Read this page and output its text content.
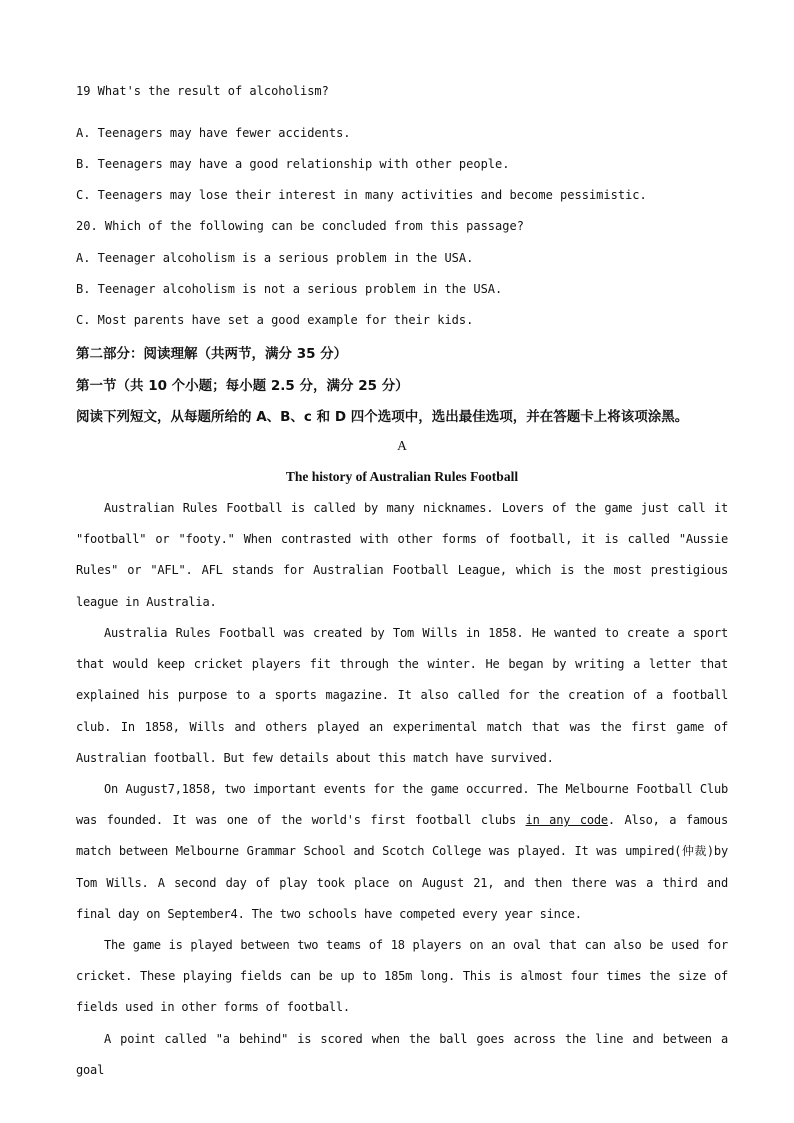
19 What's the result of alcoholism?
A. Teenagers may have fewer accidents.
B. Teenagers may have a good relationship with other people.
C. Teenagers may lose their interest in many activities and become pessimistic.
20. Which of the following can be concluded from this passage?
A. Teenager alcoholism is a serious problem in the USA.
B. Teenager alcoholism is not a serious problem in the USA.
C. Most parents have set a good example for their kids.
第二部分：阅读理解（共两节，满分 35 分）
第一节（共 10 个小题；每小题 2.5 分，满分 25 分）
阅读下列短文，从每题所给的 A、B、c 和 D 四个选项中，选出最佳选项，并在答题卡上将该项涂黑。
A
The history of Australian Rules Football
Australian Rules Football is called by many nicknames. Lovers of the game just call it "football" or "footy." When contrasted with other forms of football, it is called "Aussie Rules" or "AFL". AFL stands for Australian Football League, which is the most prestigious league in Australia.
Australia Rules Football was created by Tom Wills in 1858. He wanted to create a sport that would keep cricket players fit through the winter. He began by writing a letter that explained his purpose to a sports magazine. It also called for the creation of a football club. In 1858, Wills and others played an experimental match that was the first game of Australian football. But few details about this match have survived.
On August7,1858, two important events for the game occurred. The Melbourne Football Club was founded. It was one of the world's first football clubs in any code. Also, a famous match between Melbourne Grammar School and Scotch College was played. It was umpired(仲裁)by Tom Wills. A second day of play took place on August 21, and then there was a third and final day on September4. The two schools have competed every year since.
The game is played between two teams of 18 players on an oval that can also be used for cricket. These playing fields can be up to 185m long. This is almost four times the size of fields used in other forms of football.
A point called "a behind" is scored when the ball goes across the line and between a goal
